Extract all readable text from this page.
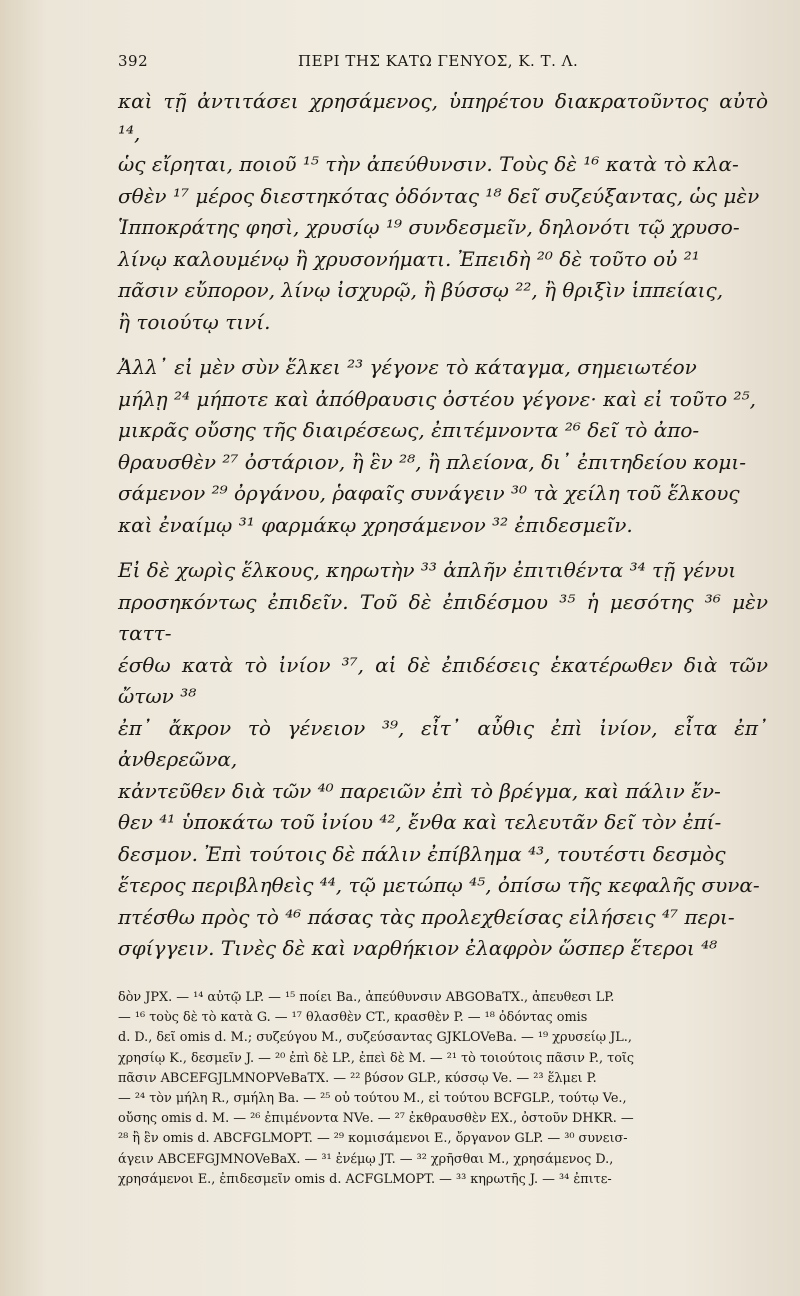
392	ΠΕΡΙ ΤΗΣ ΚΑΤΩ ΓΕΝΥΟΣ, Κ. Τ. Λ.

καὶ τῇ ἀντιτάσει χρησάμενος, ὑπηρέτου διακρατοῦντος αὐτὸ ¹⁴,
ὡς εἴρηται, ποιοῦ ¹⁵ τὴν ἀπεύθυνσιν. Τοὺς δὲ ¹⁶ κατὰ τὸ κλα-
σθὲν ¹⁷ μέρος διεστηκότας ὀδόντας ¹⁸ δεῖ συζεύξαντας, ὡς μὲν
Ἱπποκράτης φησὶ, χρυσίῳ ¹⁹ συνδεσμεῖν, δηλονότι τῷ χρυσο-
λίνῳ καλουμένῳ ἢ χρυσονήματι. Ἐπειδὴ ²⁰ δὲ τοῦτο οὐ ²¹
πᾶσιν εὔπορον, λίνῳ ἰσχυρῷ, ἢ βύσσῳ ²², ἢ θριξὶν ἱππείαις,
ἢ τοιούτῳ τινί.

Ἀλλ᾽ εἰ μὲν σὺν ἕλκει ²³ γέγονε τὸ κάταγμα, σημειωτέον
μήλῃ ²⁴ μήποτε καὶ ἀπόθραυσις ὀστέου γέγονε· καὶ εἰ τοῦτο ²⁵,
μικρᾶς οὔσης τῆς διαιρέσεως, ἐπιτέμνοντα ²⁶ δεῖ τὸ ἀπο-
θραυσθὲν ²⁷ ὀστάριον, ἢ ἓν ²⁸, ἢ πλείονα, δι᾽ ἐπιτηδείου κομι-
σάμενον ²⁹ ὀργάνου, ῥαφαῖς συνάγειν ³⁰ τὰ χείλη τοῦ ἕλκους
καὶ ἐναίμῳ ³¹ φαρμάκῳ χρησάμενον ³² ἐπιδεσμεῖν.

Εἰ δὲ χωρὶς ἕλκους, κηρωτὴν ³³ ἁπλῆν ἐπιτιθέντα ³⁴ τῇ γένυι
προσηκόντως ἐπιδεῖν. Τοῦ δὲ ἐπιδέσμου ³⁵ ἡ μεσότης ³⁶ μὲν ταττ-
έσθω κατὰ τὸ ἰνίον ³⁷, αἱ δὲ ἐπιδέσεις ἑκατέρωθεν διὰ τῶν ὤτων ³⁸
ἐπ᾽ ἄκρον τὸ γένειον ³⁹, εἶτ᾽ αὖθις ἐπὶ ἰνίον, εἶτα ἐπ᾽ ἀνθερεῶνα,
κἀντεῦθεν διὰ τῶν ⁴⁰ παρειῶν ἐπὶ τὸ βρέγμα, καὶ πάλιν ἔν-
θεν ⁴¹ ὑποκάτω τοῦ ἰνίου ⁴², ἔνθα καὶ τελευτᾶν δεῖ τὸν ἐπί-
δεσμον. Ἐπὶ τούτοις δὲ πάλιν ἐπίβλημα ⁴³, τουτέστι δεσμὸς
ἕτερος περιβληθεὶς ⁴⁴, τῷ μετώπῳ ⁴⁵, ὀπίσω τῆς κεφαλῆς συνα-
πτέσθω πρὸς τὸ ⁴⁶ πάσας τὰς προλεχθείσας εἰλήσεις ⁴⁷ περι-
σφίγγειν. Τινὲς δὲ καὶ ναρθήκιον ἐλαφρὸν ὥσπερ ἕτεροι ⁴⁸

δὸν JPX. — ¹⁴ αὐτῷ LP. — ¹⁵ ποίει Ba., ἀπεύθυνσιν ABGOBaTX., ἀπευθεσι LP.
— ¹⁶ τοὺς δὲ τὸ κατὰ G. — ¹⁷ θλασθὲν CT., κρασθὲν P. — ¹⁸ ὀδόντας omis
d. D., δεῖ omis d. M.; συζεύγου M., συζεύσαντας GJKLOVeBa. — ¹⁹ χρυσείῳ JL.,
χρησίῳ K., δεσμεῖν J. — ²⁰ ἐπὶ δὲ LP., ἐπεὶ δὲ M. — ²¹ τὸ τοιούτοις πᾶσιν P., τοῖς
πᾶσιν ABCEFGJLMNOPVeBaTX. — ²² βύσον GLP., κύσσῳ Ve. — ²³ ἕλμει P.
— ²⁴ τὸν μήλη R., σμήλη Ba. — ²⁵ οὐ τούτου M., εἰ τούτου BCFGLP., τούτῳ Ve.,
οὔσης omis d. M. — ²⁶ ἐπιμένοντα NVe. — ²⁷ ἐκθραυσθὲν EX., ὀστοῦν DHKR. —
²⁸ ἢ ἓν omis d. ABCFGLMOPT. — ²⁹ κομισάμενοι E., ὄργανον GLP. — ³⁰ συνεισ-
άγειν ABCEFGJMNOVeBaX. — ³¹ ἐνέμῳ JT. — ³² χρῆσθαι M., χρησάμενος D.,
χρησάμενοι E., ἐπιδεσμεῖν omis d. ACFGLMOPT. — ³³ κηρωτῆς J. — ³⁴ ἐπιτε-
